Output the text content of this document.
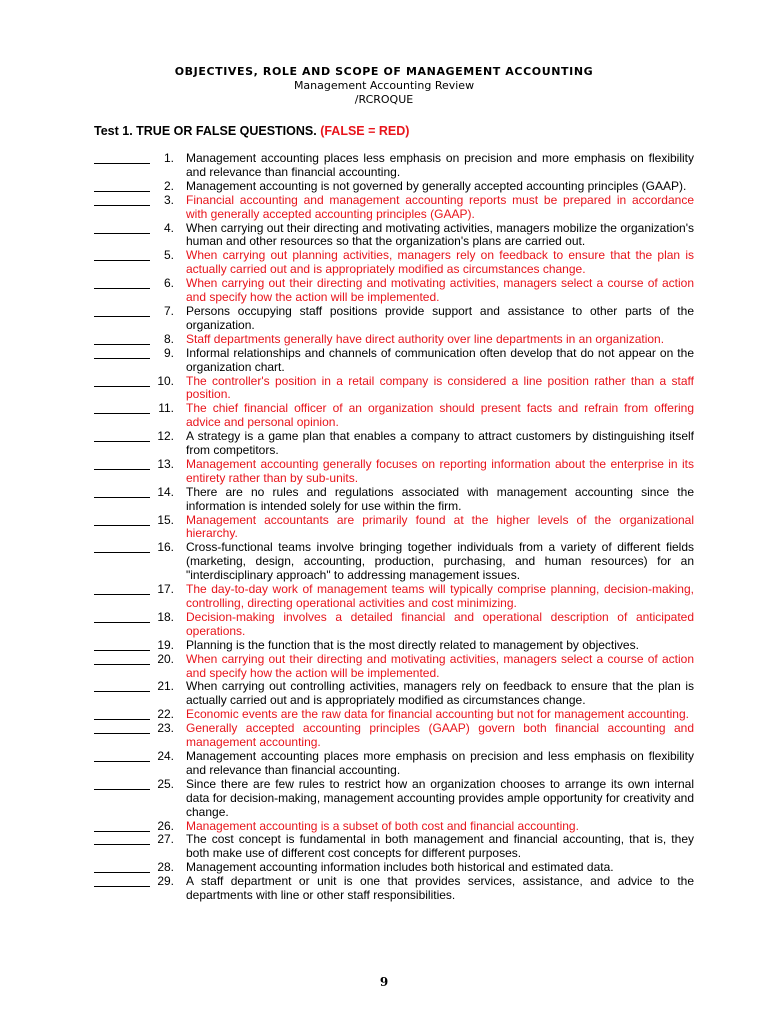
OBJECTIVES, ROLE AND SCOPE OF MANAGEMENT ACCOUNTING
Management Accounting Review
/RCROQUE
Test 1. TRUE OR FALSE QUESTIONS. (FALSE = RED)
1. Management accounting places less emphasis on precision and more emphasis on flexibility and relevance than financial accounting.
2. Management accounting is not governed by generally accepted accounting principles (GAAP).
3. Financial accounting and management accounting reports must be prepared in accordance with generally accepted accounting principles (GAAP).
4. When carrying out their directing and motivating activities, managers mobilize the organization's human and other resources so that the organization's plans are carried out.
5. When carrying out planning activities, managers rely on feedback to ensure that the plan is actually carried out and is appropriately modified as circumstances change.
6. When carrying out their directing and motivating activities, managers select a course of action and specify how the action will be implemented.
7. Persons occupying staff positions provide support and assistance to other parts of the organization.
8. Staff departments generally have direct authority over line departments in an organization.
9. Informal relationships and channels of communication often develop that do not appear on the organization chart.
10. The controller's position in a retail company is considered a line position rather than a staff position.
11. The chief financial officer of an organization should present facts and refrain from offering advice and personal opinion.
12. A strategy is a game plan that enables a company to attract customers by distinguishing itself from competitors.
13. Management accounting generally focuses on reporting information about the enterprise in its entirety rather than by sub-units.
14. There are no rules and regulations associated with management accounting since the information is intended solely for use within the firm.
15. Management accountants are primarily found at the higher levels of the organizational hierarchy.
16. Cross-functional teams involve bringing together individuals from a variety of different fields (marketing, design, accounting, production, purchasing, and human resources) for an "interdisciplinary approach" to addressing management issues.
17. The day-to-day work of management teams will typically comprise planning, decision-making, controlling, directing operational activities and cost minimizing.
18. Decision-making involves a detailed financial and operational description of anticipated operations.
19. Planning is the function that is the most directly related to management by objectives.
20. When carrying out their directing and motivating activities, managers select a course of action and specify how the action will be implemented.
21. When carrying out controlling activities, managers rely on feedback to ensure that the plan is actually carried out and is appropriately modified as circumstances change.
22. Economic events are the raw data for financial accounting but not for management accounting.
23. Generally accepted accounting principles (GAAP) govern both financial accounting and management accounting.
24. Management accounting places more emphasis on precision and less emphasis on flexibility and relevance than financial accounting.
25. Since there are few rules to restrict how an organization chooses to arrange its own internal data for decision-making, management accounting provides ample opportunity for creativity and change.
26. Management accounting is a subset of both cost and financial accounting.
27. The cost concept is fundamental in both management and financial accounting, that is, they both make use of different cost concepts for different purposes.
28. Management accounting information includes both historical and estimated data.
29. A staff department or unit is one that provides services, assistance, and advice to the departments with line or other staff responsibilities.
9
